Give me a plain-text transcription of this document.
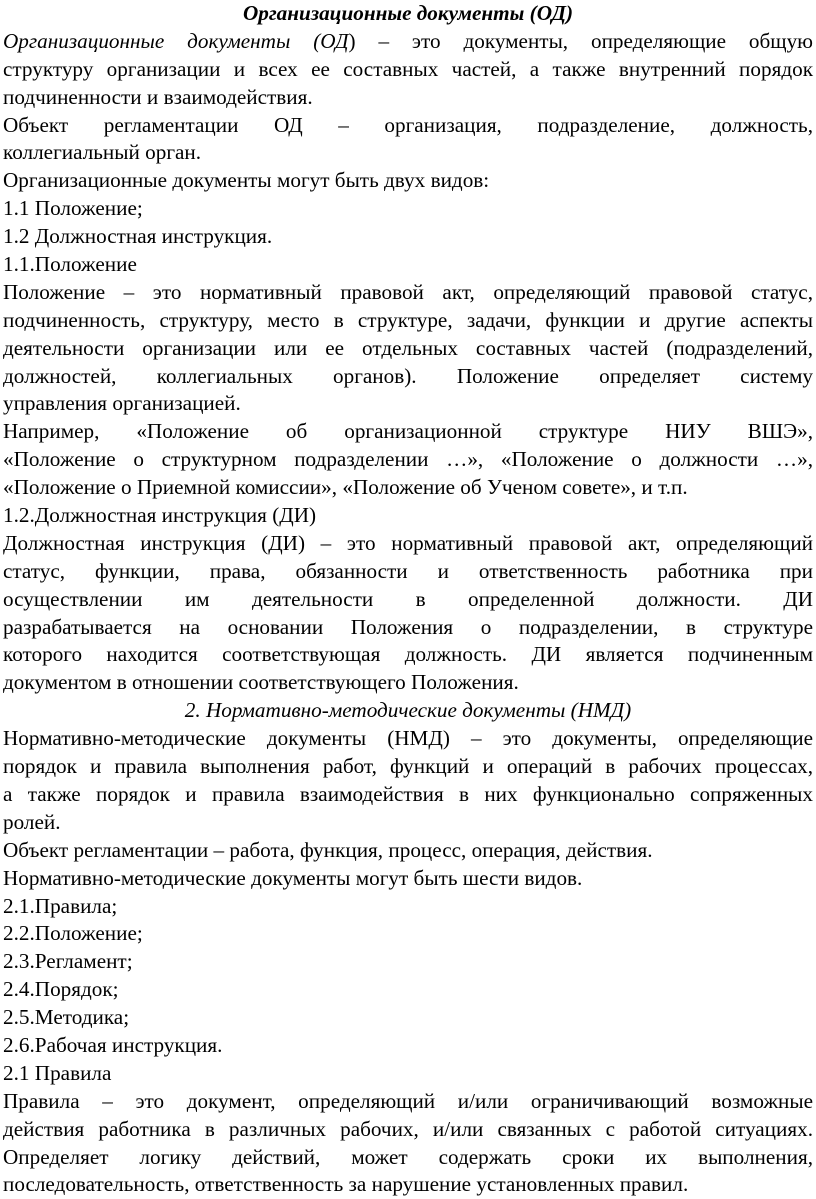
Организационные документы (ОД)

Организационные документы (ОД) – это документы, определяющие общую

структуру организации и всех ее составных частей, а также внутренний порядок

подчиненности и взаимодействия.

Объект регламентации ОД – организация, подразделение, должность,

коллегиальный орган.

Организационные документы могут быть двух видов:

1.1 Положение;

1.2 Должностная инструкция.

1.1.Положение

Положение – это нормативный правовой акт, определяющий правовой статус,

подчиненность, структуру, место в структуре, задачи, функции и другие аспекты

деятельности организации или ее отдельных составных частей (подразделений,

должностей, коллегиальных органов). Положение определяет систему

управления организацией.

Например, «Положение об организационной структуре НИУ ВШЭ»,

«Положение о структурном подразделении …», «Положение о должности …»,

«Положение о Приемной комиссии», «Положение об Ученом совете», и т.п.

1.2.Должностная инструкция (ДИ)

Должностная инструкция (ДИ) – это нормативный правовой акт, определяющий

статус, функции, права, обязанности и ответственность работника при

осуществлении им деятельности в определенной должности. ДИ

разрабатывается на основании Положения о подразделении, в структуре

которого находится соответствующая должность. ДИ является подчиненным

документом в отношении соответствующего Положения.

2. Нормативно-методические документы (НМД)

Нормативно-методические документы (НМД) – это документы, определяющие

порядок и правила выполнения работ, функций и операций в рабочих процессах,

а также порядок и правила взаимодействия в них функционально сопряженных

ролей.

Объект регламентации – работа, функция, процесс, операция, действия.

Нормативно-методические документы могут быть шести видов.

2.1.Правила;

2.2.Положение;

2.3.Регламент;

2.4.Порядок;

2.5.Методика;

2.6.Рабочая инструкция.

2.1 Правила

Правила – это документ, определяющий и/или ограничивающий возможные

действия работника в различных рабочих, и/или связанных с работой ситуациях.

Определяет логику действий, может содержать сроки их выполнения,

последовательность, ответственность за нарушение установленных правил.
